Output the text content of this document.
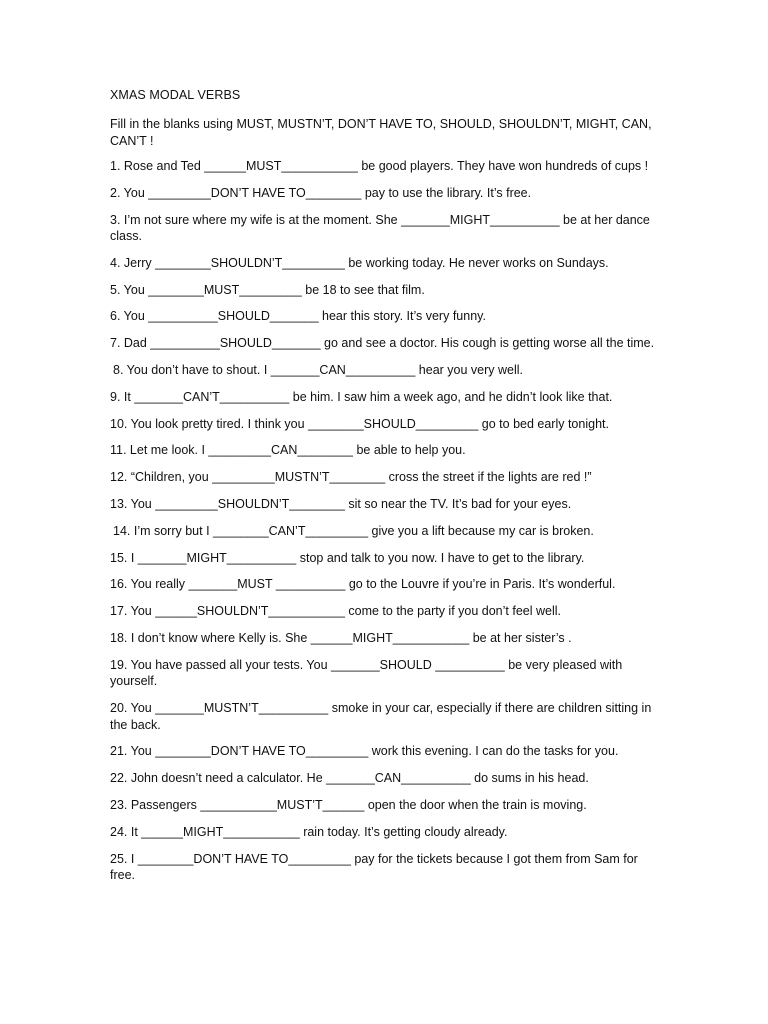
XMAS MODAL VERBS

Fill in the blanks using MUST, MUSTN’T, DON’T HAVE TO, SHOULD, SHOULDN’T, MIGHT, CAN, CAN’T !

1. Rose and Ted ______MUST___________ be good players. They have won hundreds of cups !

2. You _________DON’T HAVE TO________ pay to use the library. It’s free.

3. I’m not sure where my wife is at the moment. She _______MIGHT__________ be at her dance class.

4. Jerry ________SHOULDN’T_________ be working today. He never works on Sundays.

5. You ________MUST_________ be 18 to see that film.

6. You __________SHOULD_______ hear this story. It’s very funny.

7. Dad __________SHOULD_______ go and see a doctor. His cough is getting worse all the time.

8. You don’t have to shout. I _______CAN__________ hear you very well.

9. It _______CAN’T__________ be him. I saw him a week ago, and he didn’t look like that.

10. You look pretty tired. I think you ________SHOULD_________ go to bed early tonight.

11. Let me look. I _________CAN________ be able to help you.

12. “Children, you _________MUSTN’T________ cross the street if the lights are red !”

13. You _________SHOULDN’T________ sit so near the TV. It’s bad for your eyes.

14. I’m sorry but I ________CAN’T_________ give you a lift because my car is broken.

15. I _______MIGHT__________ stop and talk to you now. I have to get to the library.

16. You really _______MUST __________ go to the Louvre if you’re in Paris. It’s wonderful.

17. You ______SHOULDN’T___________ come to the party if you don’t feel well.

18. I don’t know where Kelly is. She ______MIGHT___________ be at her sister’s .

19. You have passed all your tests. You _______SHOULD __________ be very pleased with yourself.

20. You _______MUSTN’T__________ smoke in your car, especially if there are children sitting in the back.

21. You ________DON’T HAVE TO_________ work this evening. I can do the tasks for you.

22. John doesn’t need a calculator. He _______CAN__________ do sums in his head.

23. Passengers ___________MUST’T______ open the door when the train is moving.

24. It ______MIGHT___________ rain today. It’s getting cloudy already.

25. I ________DON’T HAVE TO_________ pay for the tickets because I got them from Sam for free.
